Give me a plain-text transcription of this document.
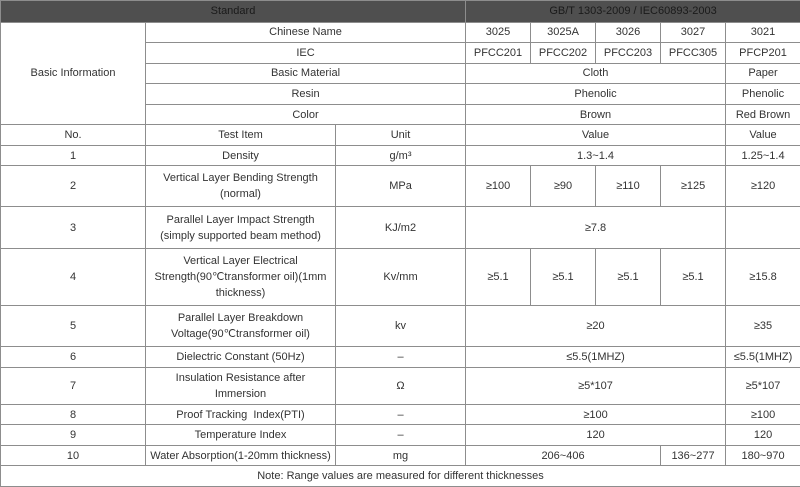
Standard			GB/T 1303-2009 / IEC60893-2003				
Basic Information	Chinese Name		3025	3025A	3026	3027	3021
	IEC		PFCC201	PFCC202	PFCC203	PFCC305	PFCP201
	Basic Material		Cloth				Paper
	Resin		Phenolic				Phenolic
	Color		Brown				Red Brown
No.	Test Item	Unit	Value				Value
1	Density	g/m³	1.3~1.4				1.25~1.4
2	Vertical Layer Bending Strength
(normal)	MPa	≥100	≥90	≥110	≥125	≥120
3	Parallel Layer Impact Strength
(simply supported beam method)	KJ/m2	≥7.8				
4	Vertical Layer Electrical
Strength(90℃transformer oil)(1mm
thickness)	Kv/mm	≥5.1	≥5.1	≥5.1	≥5.1	≥15.8
5	Parallel Layer Breakdown
Voltage(90℃transformer oil)	kv	≥20				≥35
6	Dielectric Constant (50Hz)	–	≤5.5(1MHZ)				≤5.5(1MHZ)
7	Insulation Resistance after
Immersion	Ω	≥5*107				≥5*107
8	Proof Tracking  Index(PTI)	–	≥100				≥100
9	Temperature Index	–	120				120
10	Water Absorption(1-20mm thickness)	mg	206~406			136~277	180~970
Note: Range values are measured for different thicknesses							
